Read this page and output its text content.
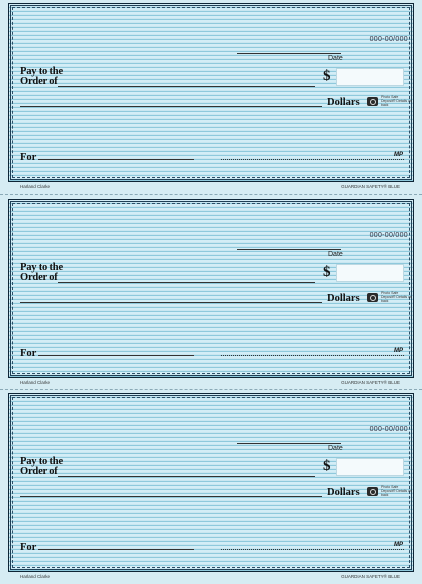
000-00/000
Date
Pay to the
Order of	$
Dollars	Photo Safe Deposit® Details on back
For	MP
Harland Clarke	GUARDIAN SAFETY® BLUE
000-00/000
Date
Pay to the
Order of	$
Dollars	Photo Safe Deposit® Details on back
For	MP
Harland Clarke	GUARDIAN SAFETY® BLUE
000-00/000
Date
Pay to the
Order of	$
Dollars	Photo Safe Deposit® Details on back
For	MP
Harland Clarke	GUARDIAN SAFETY® BLUE
